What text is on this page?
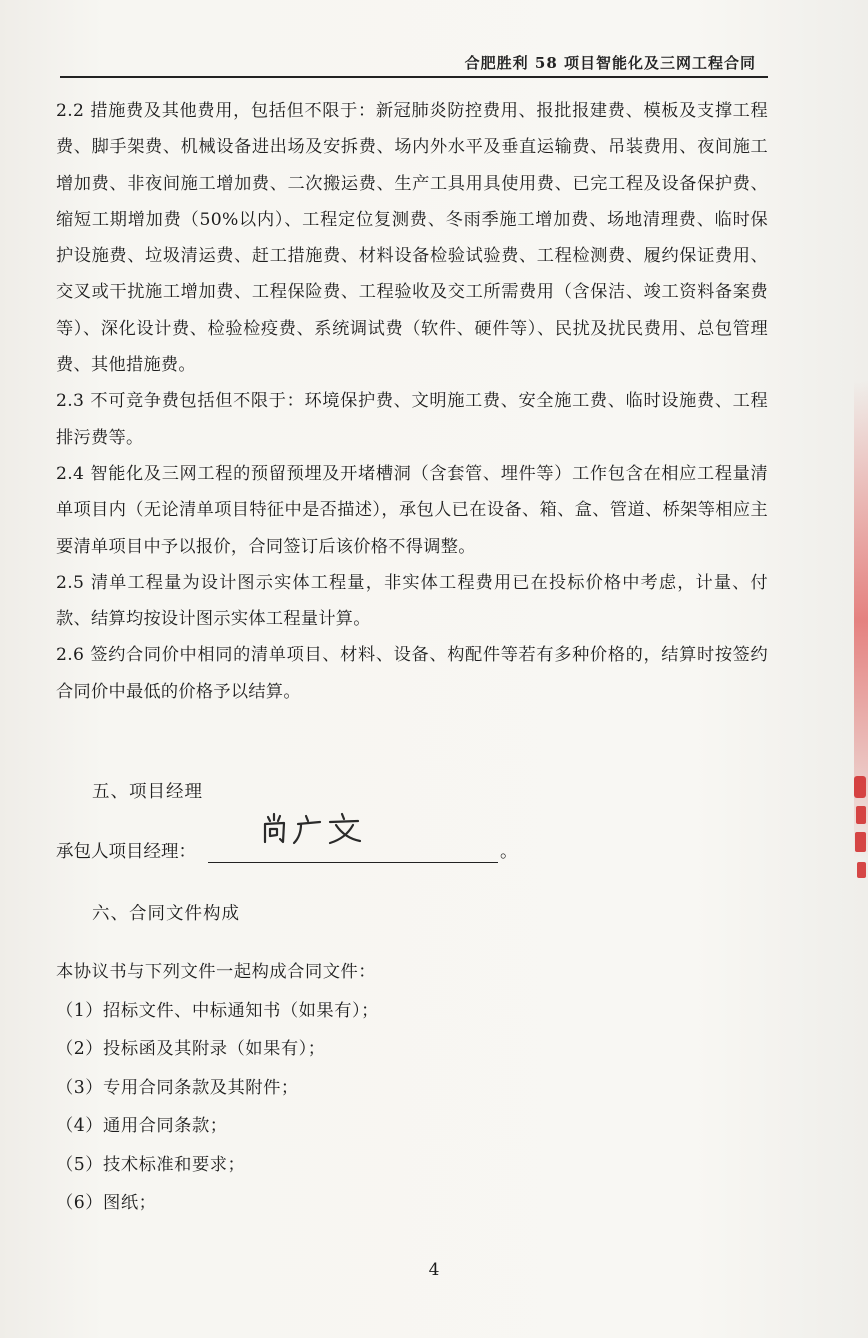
合肥胜利 58 项目智能化及三网工程合同

2.2 措施费及其他费用，包括但不限于：新冠肺炎防控费用、报批报建费、模板及支撑工程费、脚手架费、机械设备进出场及安拆费、场内外水平及垂直运输费、吊装费用、夜间施工增加费、非夜间施工增加费、二次搬运费、生产工具用具使用费、已完工程及设备保护费、缩短工期增加费（50%以内）、工程定位复测费、冬雨季施工增加费、场地清理费、临时保护设施费、垃圾清运费、赶工措施费、材料设备检验试验费、工程检测费、履约保证费用、交叉或干扰施工增加费、工程保险费、工程验收及交工所需费用（含保洁、竣工资料备案费等）、深化设计费、检验检疫费、系统调试费（软件、硬件等）、民扰及扰民费用、总包管理费、其他措施费。

2.3 不可竞争费包括但不限于：环境保护费、文明施工费、安全施工费、临时设施费、工程排污费等。

2.4 智能化及三网工程的预留预埋及开堵槽洞（含套管、埋件等）工作包含在相应工程量清单项目内（无论清单项目特征中是否描述），承包人已在设备、箱、盒、管道、桥架等相应主要清单项目中予以报价，合同签订后该价格不得调整。

2.5 清单工程量为设计图示实体工程量，非实体工程费用已在投标价格中考虑，计量、付款、结算均按设计图示实体工程量计算。

2.6 签约合同价中相同的清单项目、材料、设备、构配件等若有多种价格的，结算时按签约合同价中最低的价格予以结算。

五、项目经理
承包人项目经理：	。
六、合同文件构成
本协议书与下列文件一起构成合同文件：
（1）招标文件、中标通知书（如果有）；
（2）投标函及其附录（如果有）；
（3）专用合同条款及其附件；
（4）通用合同条款；
（5）技术标准和要求；
（6）图纸；
4
